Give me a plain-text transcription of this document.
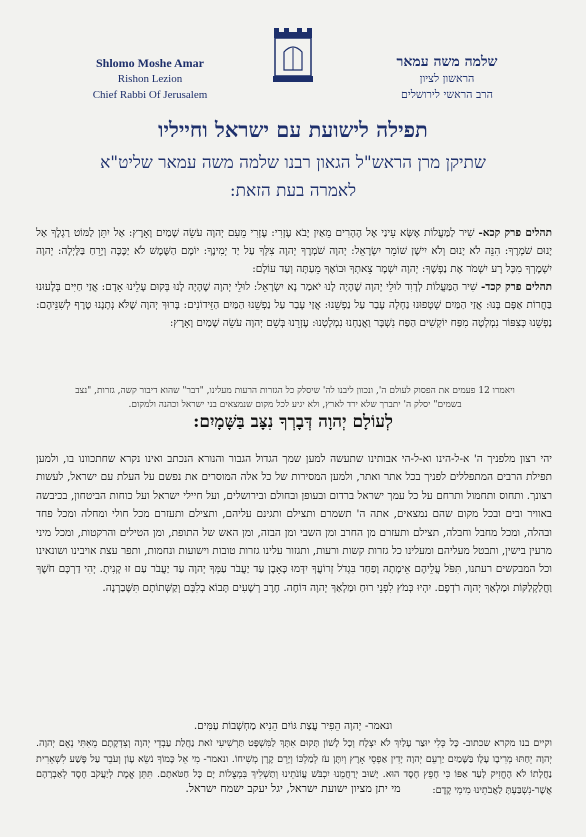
Shlomo Moshe Amar
Rishon Lezion
Chief Rabbi Of Jerusalem
שלמה משה עמאר
הראשון לציון
הרב הראשי לירושלים
תפילה לישועת עם ישראל וחייליו
שתיקן מרן הראש"ל הגאון רבנו שלמה משה עמאר שליט"א
לאמרה בעת הזאת:
תהלים פרק קכא- שִׁיר לַמַּעֲלוֹת אֶשָּׂא עֵינַי אֶל הֶהָרִים מֵאַיִן יָבֹא עֶזְרִי: עֶזְרִי מֵעִם יְהוָה עֹשֵׂה שָׁמַיִם וָאָרֶץ: אַל יִתֵּן לַמּוֹט רַגְלֶךָ אַל יָנוּם שֹׁמְרֶךָ: הִנֵּה לֹא יָנוּם וְלֹא יִישָׁן שׁוֹמֵר יִשְׂרָאֵל: יְהוָה שֹׁמְרֶךָ יְהוָה צִלְּךָ עַל יַד יְמִינֶךָ: יוֹמָם הַשֶּׁמֶשׁ לֹא יַכֶּכָּה וְיָרֵחַ בַּלָּיְלָה: יְהוָה יִשְׁמָרְךָ מִכָּל רָע יִשְׁמֹר אֶת נַפְשֶׁךָ: יְהוָה יִשְׁמָר צֵאתְךָ וּבוֹאֶךָ מֵעַתָּה וְעַד עוֹלָם:
תהלים פרק קכד- שִׁיר הַמַּעֲלוֹת לְדָוִד לוּלֵי יְהוָה שֶׁהָיָה לָנוּ יֹאמַר נָא יִשְׂרָאֵל: לוּלֵי יְהוָה שֶׁהָיָה לָנוּ בְּקוּם עָלֵינוּ אָדָם: אֲזַי חַיִּים בְּלָעוּנוּ בַּחֲרוֹת אַפָּם בָּנוּ: אֲזַי הַמַּיִם שְׁטָפוּנוּ נַחְלָה עָבַר עַל נַפְשֵׁנוּ: אֲזַי עָבַר עַל נַפְשֵׁנוּ הַמַּיִם הַזֵּידוֹנִים: בָּרוּךְ יְהוָה שֶׁלֹּא נְתָנָנוּ טֶרֶף לְשִׁנֵּיהֶם: נַפְשֵׁנוּ כְּצִפּוֹר נִמְלְטָה מִפַּח יוֹקְשִׁים הַפַּח נִשְׁבָּר וַאֲנַחְנוּ נִמְלָטְנוּ: עֶזְרֵנוּ בְּשֵׁם יְהוָה עֹשֵׂה שָׁמַיִם וָאָרֶץ:
ויאמרו 12 פעמים את הפסוק לעולם ה', ונכוון ליבנו לה' שיסלק כל הגזרות הרעות מעלינו, "דבר" שהוא דיבור קשה, גזרות, "נצב בשמים" יסלק ה' יתברך שלא ירד לארץ, ולא יגיע לכל מקום שנמצאים בני ישראל וכהנה ולמקום.
לְעוֹלָם יְהוָה דְּבָרְךָ נִצָּב בַּשָּׁמָיִם:
יהי רצון מלפניך ה' א-ל-הינו וא-ל-הי אבותינו שתעשה למען שמך הגדול הגבור והנורא הנכתב ואינו נקרא שחתכוונו בו, ולמען תפילת הרבים המתפללים לפניך בכל אתר ואתר, ולמען המסירות של כל אלה המוסרים את נפשם על העלת עם ישראל, לעשות רצונך. ותחוס ותחמול ותרחם על כל עמך ישראל ברדום ובעופן ובחולם ובירושלים, ועל חיילי ישראל ועל כוחות הביטחון, בכיבשה באוויר ובים ובכל מקום שהם נמצאים, אתה ה' תשמרם ותצילם ותגינם עליהם, ותצילם ותעזרם מכל חולי ומחלה ומכל פחד ובהלה, ומכל מחבל וחבלה, תצילם ותעזרם מן החרב ומן השבי ומן הבזה, ומן האש של התופת, ומן הטילים והרקטות, ומכל מיני מרעין בישין, ותבטל מעליהם ומעלינו כל גזרות קשות ורעות, ותגזור עלינו גזרות טובות וישועות ונחמות, ותפר עצת אויבינו ושונאינו וכל המבקשים רעתנו, תִּפֹּל עֲלֵיהֶם אֵימָתָה וָפַחַד בִּגְדֹל זְרוֹעֲךָ יִדְּמוּ כָּאָבֶן עַד יַעֲבֹר עַמְּךָ יְהוָה עַד יַעֲבֹר עַם זוּ קָנִיתָ. יְהִי דַרְכָּם חֹשֶׁךְ וַחֲלַקְלַקּוֹת וּמַלְאַךְ יְהוָה רֹדְפָם. יִהְיוּ כְּמֹץ לִפְנֵי רוּחַ וּמַלְאַךְ יְהוָה דּוֹחֶה. חֶרֶב רְשָׁעִים תָּבוֹא בְלִבָּם וְקַשְּׁתוֹתָם תִּשָּׁבַרְנָה.
ונאמר- יְהוָה הֵפִיר עֲצַת גּוֹיִם הֵנִיא מַחְשְׁבוֹת עַמִּים.
וקיים בנו מקרא שכתוב- כָּל כְּלִי יוּצַר עָלַיִךְ לֹא יִצְלָח וְכָל לָשׁוֹן תָּקוּם אִתָּךְ לַמִּשְׁפָּט תַּרְשִׁיעִי זֹאת נַחֲלַת עַבְדֵי יְהוָה וְצִדְקָתָם מֵאִתִּי נְאֻם יְהוָה. יְהוָה יֵחַתּוּ מְרִיבָו עָלָו בַּשָּׁמַיִם יַרְעֵם יְהוָה יָדִין אַפְסֵי אָרֶץ וְיִתֶּן עֹז לְמַלְכּוֹ וְיָרֵם קֶרֶן מְשִׁיחוֹ. ונאמר- מִי אֵל כָּמוֹךָ נֹשֵׂא עָוֹן וְעֹבֵר עַל פֶּשַׁע לִשְׁאֵרִית נַחֲלָתוֹ לֹא הֶחֱזִיק לָעַד אַפּוֹ כִּי חָפֵץ חֶסֶד הוּא. יָשׁוּב יְרַחֲמֵנוּ יִכְבֹּשׁ עֲוֹנֹתֵינוּ וְתַשְׁלִיךְ בִּמְצֻלוֹת יָם כָּל חַטֹּאתָם. תִּתֵּן אֱמֶת לְיַעֲקֹב חֶסֶד לְאַבְרָהָם אֲשֶׁר-נִשְׁבַּעְתָּ לַאֲבֹתֵינוּ מִימֵי קֶדֶם:
מי יתן מציון ישועת ישראל, יגל יעקב ישמח ישראל.
